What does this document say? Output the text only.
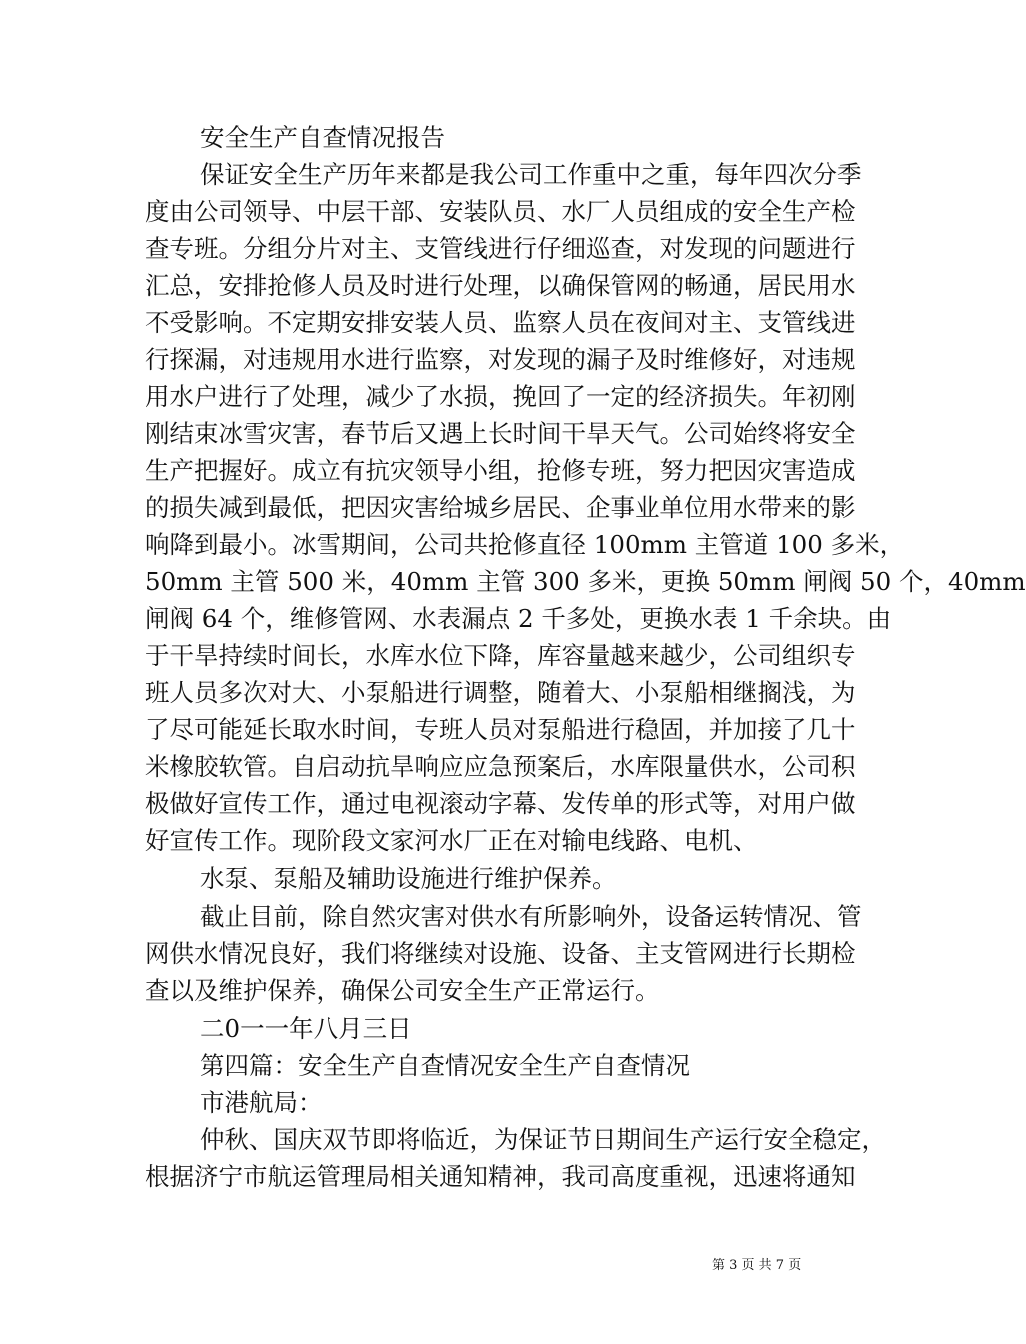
安全生产自查情况报告
保证安全生产历年来都是我公司工作重中之重，每年四次分季
度由公司领导、中层干部、安装队员、水厂人员组成的安全生产检
查专班。分组分片对主、支管线进行仔细巡查，对发现的问题进行
汇总，安排抢修人员及时进行处理，以确保管网的畅通，居民用水
不受影响。不定期安排安装人员、监察人员在夜间对主、支管线进
行探漏，对违规用水进行监察，对发现的漏子及时维修好，对违规
用水户进行了处理，减少了水损，挽回了一定的经济损失。年初刚
刚结束冰雪灾害，春节后又遇上长时间干旱天气。公司始终将安全
生产把握好。成立有抗灾领导小组，抢修专班，努力把因灾害造成
的损失减到最低，把因灾害给城乡居民、企事业单位用水带来的影
响降到最小。冰雪期间，公司共抢修直径 100mm 主管道 100 多米，
50mm 主管 500 米，40mm 主管 300 多米，更换 50mm 闸阀 50 个，40mm
闸阀 64 个，维修管网、水表漏点 2 千多处，更换水表 1 千余块。由
于干旱持续时间长，水库水位下降，库容量越来越少，公司组织专
班人员多次对大、小泵船进行调整，随着大、小泵船相继搁浅，为
了尽可能延长取水时间，专班人员对泵船进行稳固，并加接了几十
米橡胶软管。自启动抗旱响应应急预案后，水库限量供水，公司积
极做好宣传工作，通过电视滚动字幕、发传单的形式等，对用户做
好宣传工作。现阶段文家河水厂正在对输电线路、电机、
水泵、泵船及辅助设施进行维护保养。
截止目前，除自然灾害对供水有所影响外，设备运转情况、管
网供水情况良好，我们将继续对设施、设备、主支管网进行长期检
查以及维护保养，确保公司安全生产正常运行。
二0一一年八月三日
第四篇：安全生产自查情况安全生产自查情况
市港航局：
仲秋、国庆双节即将临近，为保证节日期间生产运行安全稳定，
根据济宁市航运管理局相关通知精神，我司高度重视，迅速将通知
第 3 页 共 7 页
